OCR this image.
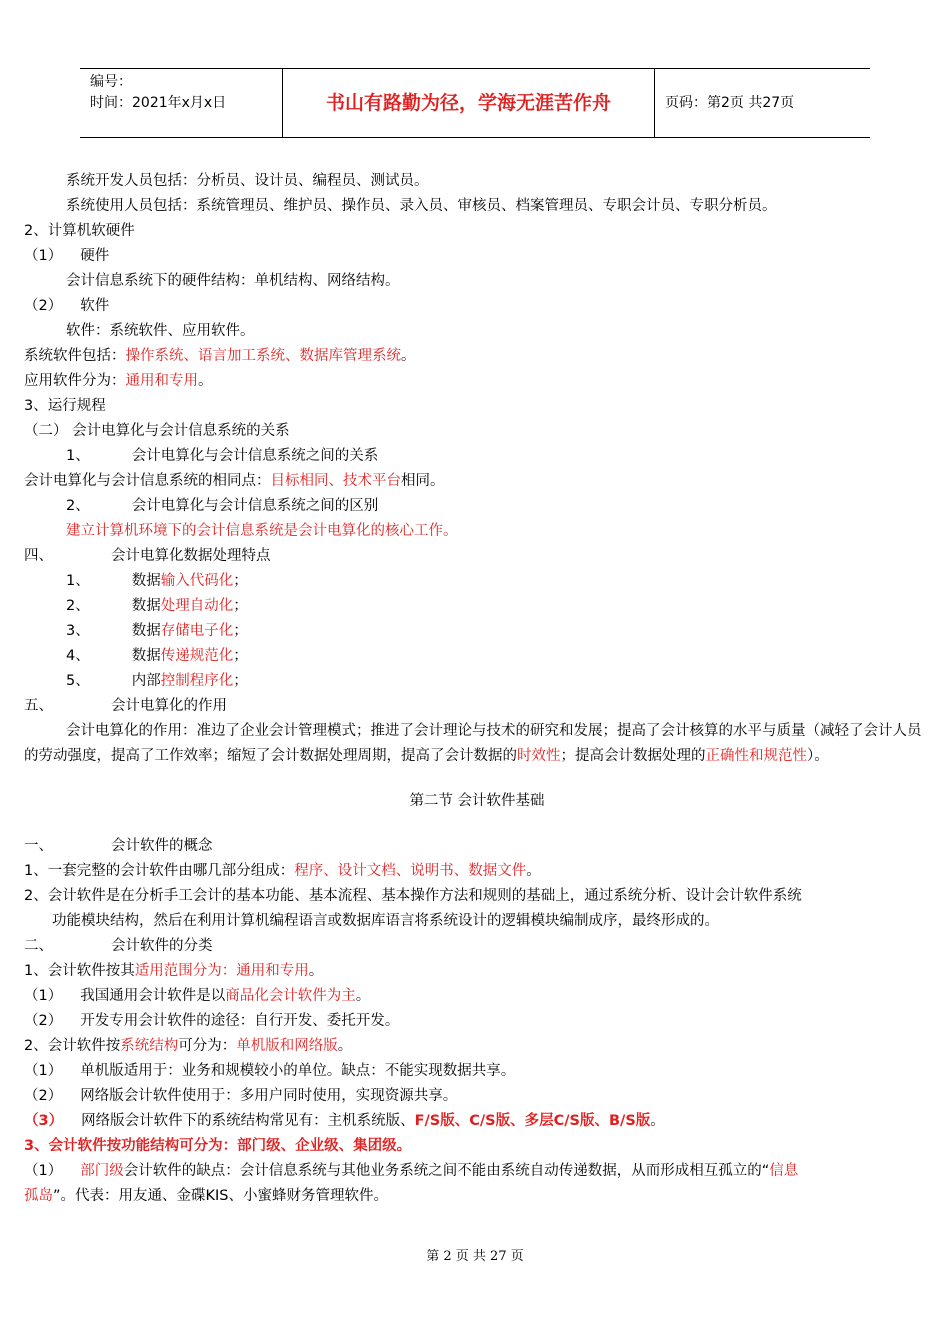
编号：
时间：2021年x月x日	书山有路勤为径，学海无涯苦作舟	页码：第2页 共27页
系统开发人员包括：分析员、设计员、编程员、测试员。
系统使用人员包括：系统管理员、维护员、操作员、录入员、审核员、档案管理员、专职会计员、专职分析员。
2、计算机软硬件
（1） 硬件
会计信息系统下的硬件结构：单机结构、网络结构。
（2） 软件
软件：系统软件、应用软件。
系统软件包括：操作系统、语言加工系统、数据库管理系统。
应用软件分为：通用和专用。
3、运行规程
（二） 会计电算化与会计信息系统的关系
1、	会计电算化与会计信息系统之间的关系
会计电算化与会计信息系统的相同点：目标相同、技术平台相同。
2、	会计电算化与会计信息系统之间的区别
建立计算机环境下的会计信息系统是会计电算化的核心工作。
四、	会计电算化数据处理特点
1、	数据输入代码化；
2、	数据处理自动化；
3、	数据存储电子化；
4、	数据传递规范化；
5、	内部控制程序化；
五、	会计电算化的作用
会计电算化的作用：准边了企业会计管理模式；推进了会计理论与技术的研究和发展；提高了会计核算的水平与质量（减轻了会计人员的劳动强度，提高了工作效率；缩短了会计数据处理周期，提高了会计数据的时效性；提高会计数据处理的正确性和规范性）。
第二节 会计软件基础
一、	会计软件的概念
1、一套完整的会计软件由哪几部分组成：程序、设计文档、说明书、数据文件。
2、会计软件是在分析手工会计的基本功能、基本流程、基本操作方法和规则的基础上，通过系统分析、设计会计软件系统
功能模块结构，然后在利用计算机编程语言或数据库语言将系统设计的逻辑模块编制成序，最终形成的。
二、	会计软件的分类
1、会计软件按其适用范围分为：通用和专用。
（1） 我国通用会计软件是以商品化会计软件为主。
（2） 开发专用会计软件的途径：自行开发、委托开发。
2、会计软件按系统结构可分为：单机版和网络版。
（1） 单机版适用于：业务和规模较小的单位。缺点：不能实现数据共享。
（2） 网络版会计软件使用于：多用户同时使用，实现资源共享。
（3） 网络版会计软件下的系统结构常见有：主机系统版、F/S版、C/S版、多层C/S版、B/S版。
3、会计软件按功能结构可分为：部门级、企业级、集团级。
（1） 部门级会计软件的缺点：会计信息系统与其他业务系统之间不能由系统自动传递数据，从而形成相互孤立的“信息
孤岛”。代表：用友通、金碟KIS、小蜜蜂财务管理软件。
第 2 页 共 27 页
